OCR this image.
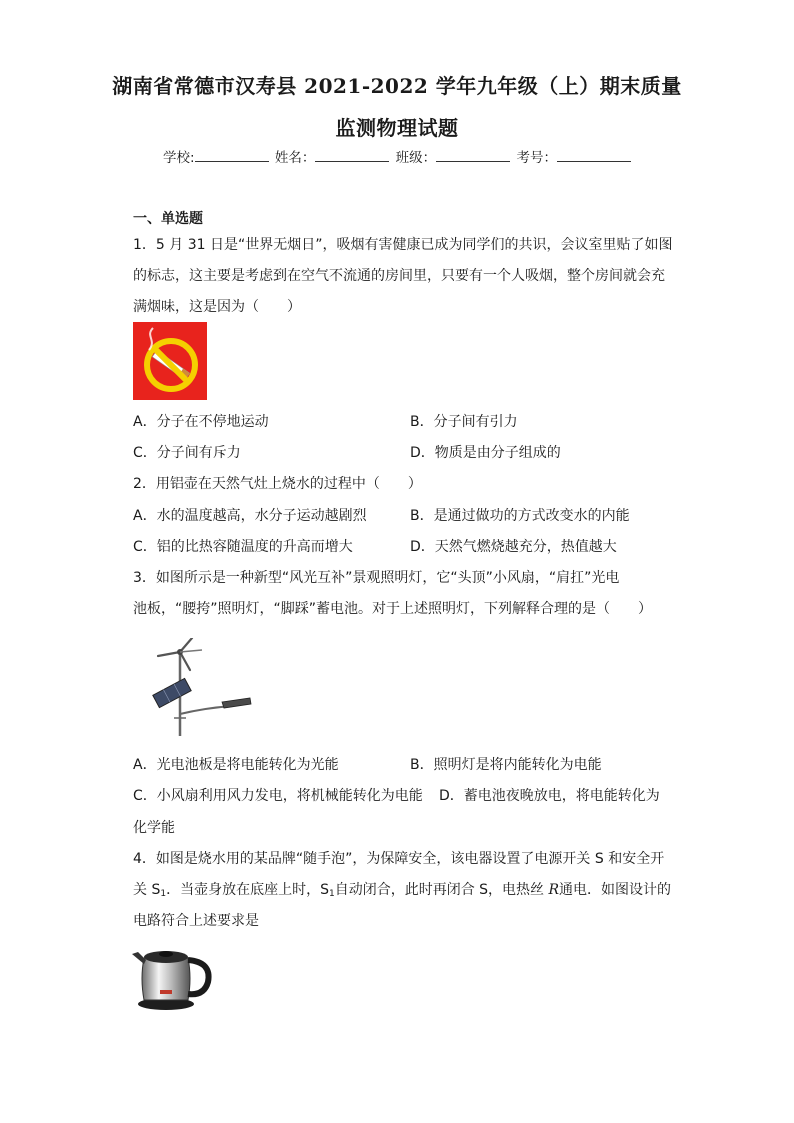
湖南省常德市汉寿县 2021-2022 学年九年级（上）期末质量
监测物理试题
学校:	姓名：	班级：	考号：
一、单选题
1．5 月 31 日是“世界无烟日”，吸烟有害健康已成为同学们的共识，会议室里贴了如图
的标志，这主要是考虑到在空气不流通的房间里，只要有一个人吸烟，整个房间就会充
满烟味，这是因为（　　）
A．分子在不停地运动	B．分子间有引力
C．分子间有斥力	D．物质是由分子组成的
2．用铝壶在天然气灶上烧水的过程中（　　）
A．水的温度越高，水分子运动越剧烈	B．是通过做功的方式改变水的内能
C．铝的比热容随温度的升高而增大	D．天然气燃烧越充分，热值越大
3．如图所示是一种新型“风光互补”景观照明灯，它“头顶”小风扇，“肩扛”光电
池板，“腰挎”照明灯，“脚踩”蓄电池。对于上述照明灯，下列解释合理的是（　　）
A．光电池板是将电能转化为光能	B．照明灯是将内能转化为电能
C．小风扇利用风力发电，将机械能转化为电能 D．蓄电池夜晚放电，将电能转化为
化学能
4．如图是烧水用的某品牌“随手泡”，为保障安全，该电器设置了电源开关 S 和安全开
关 $S_1$．当壶身放在底座上时，$S_1$自动闭合，此时再闭合 S，电热丝 R通电．如图设计的
电路符合上述要求是
